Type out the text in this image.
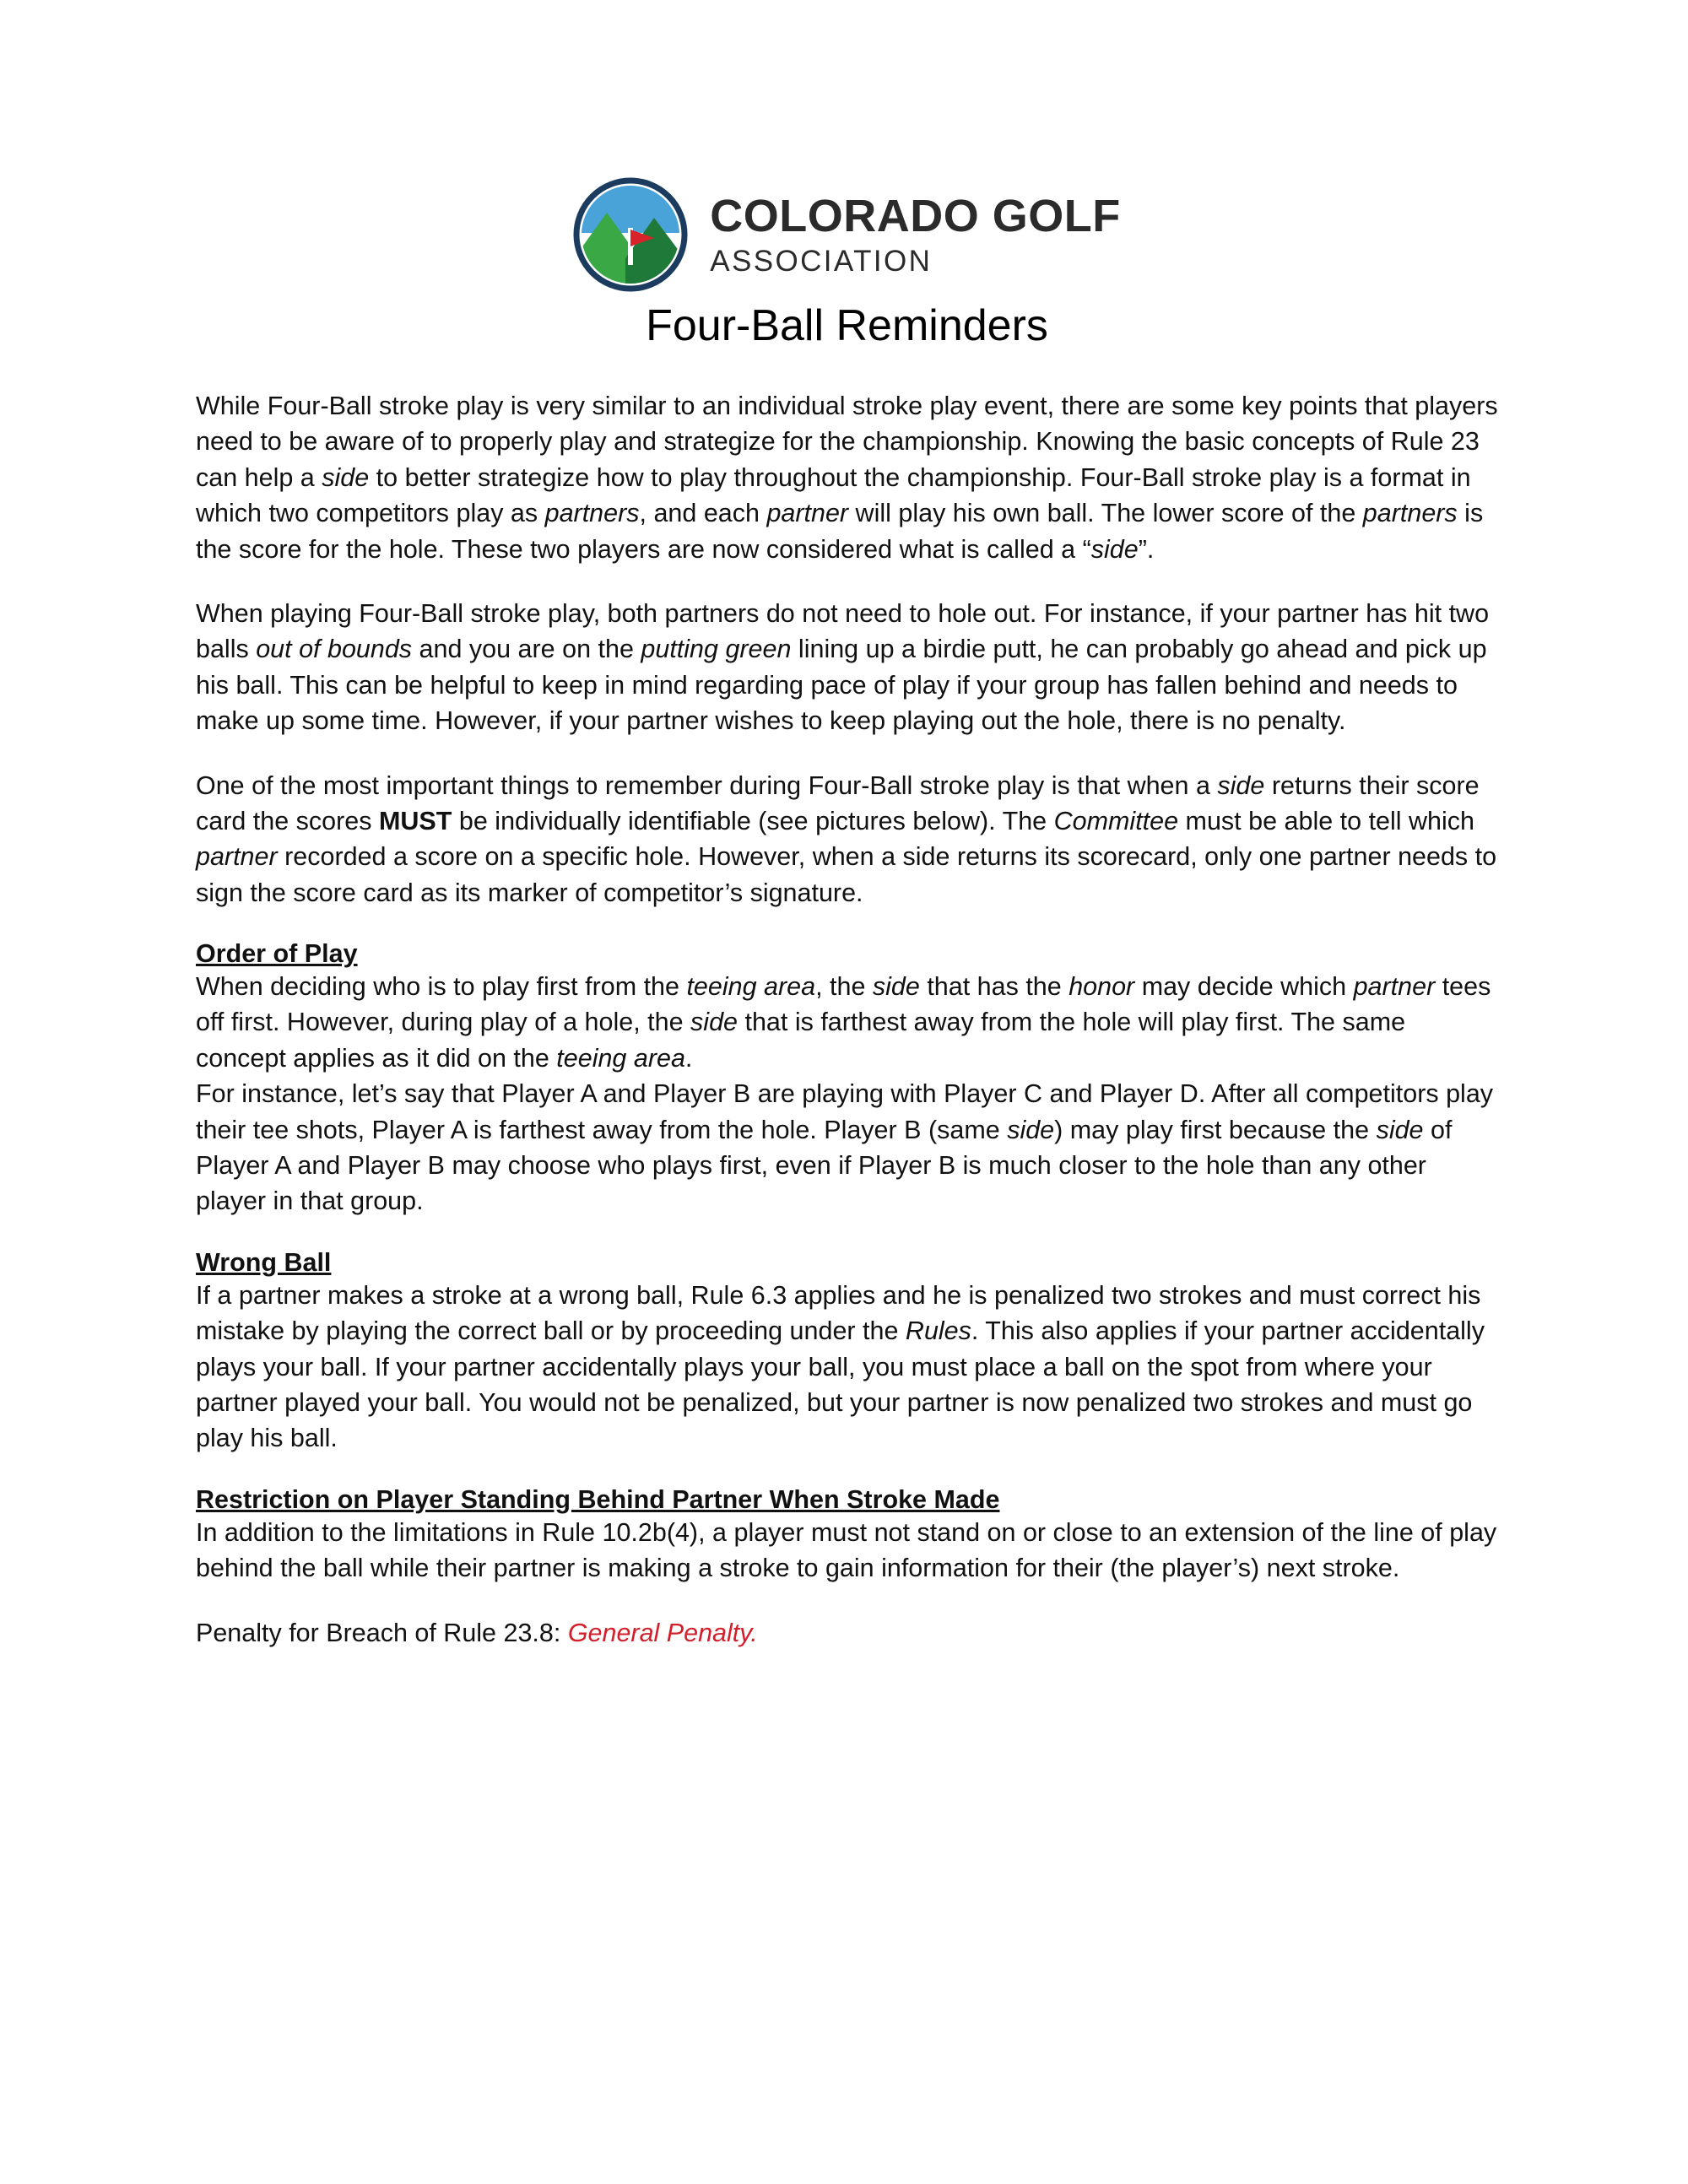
COLORADO GOLF
ASSOCIATION
Four-Ball Reminders

While Four-Ball stroke play is very similar to an individual stroke play event, there are some key points that players need to be aware of to properly play and strategize for the championship. Knowing the basic concepts of Rule 23 can help a side to better strategize how to play throughout the championship. Four-Ball stroke play is a format in which two competitors play as partners, and each partner will play his own ball. The lower score of the partners is the score for the hole. These two players are now considered what is called a “side”.

When playing Four-Ball stroke play, both partners do not need to hole out. For instance, if your partner has hit two balls out of bounds and you are on the putting green lining up a birdie putt, he can probably go ahead and pick up his ball. This can be helpful to keep in mind regarding pace of play if your group has fallen behind and needs to make up some time. However, if your partner wishes to keep playing out the hole, there is no penalty.

One of the most important things to remember during Four-Ball stroke play is that when a side returns their score card the scores MUST be individually identifiable (see pictures below). The Committee must be able to tell which partner recorded a score on a specific hole. However, when a side returns its scorecard, only one partner needs to sign the score card as its marker of competitor’s signature.

Order of Play

When deciding who is to play first from the teeing area, the side that has the honor may decide which partner tees off first. However, during play of a hole, the side that is farthest away from the hole will play first. The same concept applies as it did on the teeing area.

For instance, let’s say that Player A and Player B are playing with Player C and Player D. After all competitors play their tee shots, Player A is farthest away from the hole. Player B (same side) may play first because the side of Player A and Player B may choose who plays first, even if Player B is much closer to the hole than any other player in that group.

Wrong Ball

If a partner makes a stroke at a wrong ball, Rule 6.3 applies and he is penalized two strokes and must correct his mistake by playing the correct ball or by proceeding under the Rules. This also applies if your partner accidentally plays your ball. If your partner accidentally plays your ball, you must place a ball on the spot from where your partner played your ball. You would not be penalized, but your partner is now penalized two strokes and must go play his ball.

Restriction on Player Standing Behind Partner When Stroke Made

In addition to the limitations in Rule 10.2b(4), a player must not stand on or close to an extension of the line of play behind the ball while their partner is making a stroke to gain information for their (the player’s) next stroke.

Penalty for Breach of Rule 23.8: General Penalty.
